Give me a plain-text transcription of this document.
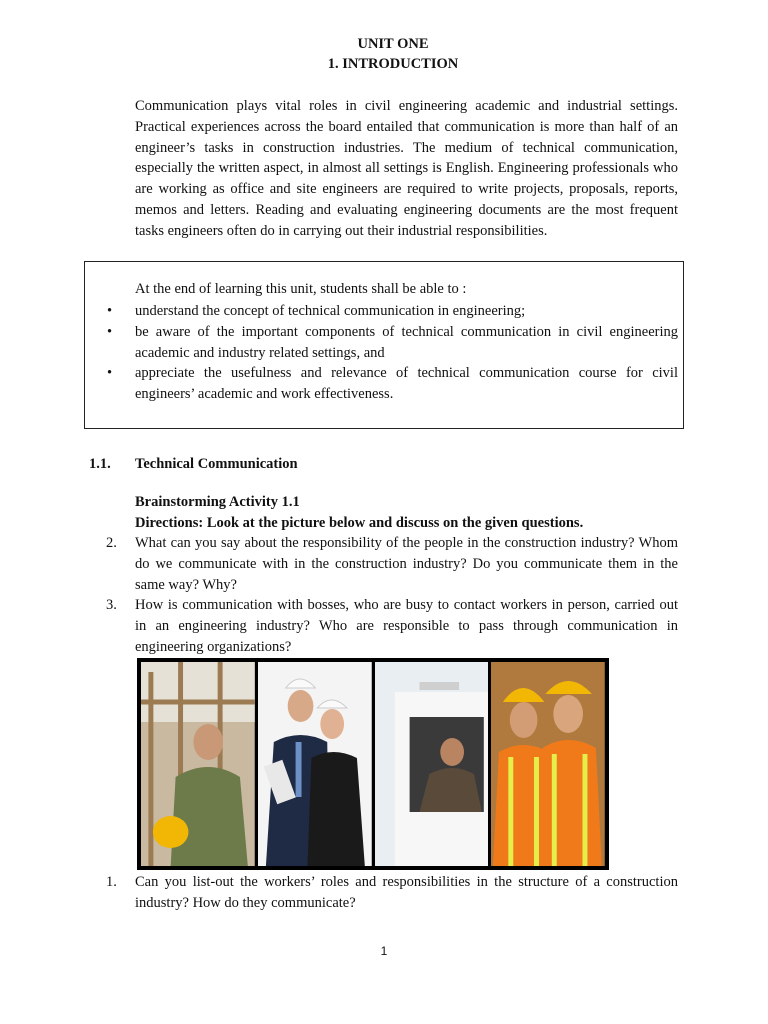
UNIT ONE
1. INTRODUCTION
Communication plays vital roles in civil engineering academic and industrial settings. Practical experiences across the board entailed that communication is more than half of an engineer’s tasks in construction industries. The medium of technical communication, especially the written aspect, in almost all settings is English. Engineering professionals who are working as office and site engineers are required to write projects, proposals, reports, memos and letters. Reading and evaluating engineering documents are the most frequent tasks engineers often do in carrying out their industrial responsibilities.
At the end of learning this unit, students shall be able to :
• understand the concept of technical communication in engineering;
• be aware of the important components of technical communication in civil engineering academic and industry related settings, and
• appreciate the usefulness and relevance of technical communication course for civil engineers’ academic and work effectiveness.
1.1. Technical Communication
Brainstorming Activity 1.1
Directions: Look at the picture below and discuss on the given questions.
2. What can you say about the responsibility of the people in the construction industry? Whom do we communicate with in the construction industry? Do you communicate them in the same way? Why?
3. How is communication with bosses, who are busy to contact workers in person, carried out in an engineering industry? Who are responsible to pass through communication in engineering organizations?
1. Can you list-out the workers’ roles and responsibilities in the structure of a construction industry? How do they communicate?
1
